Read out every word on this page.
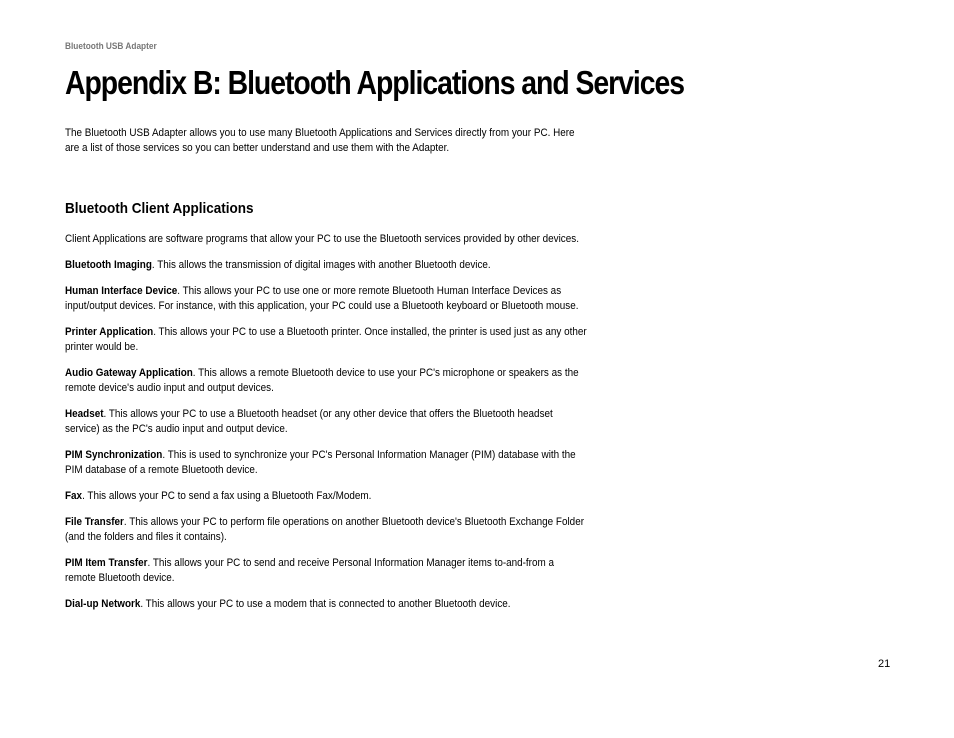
Bluetooth USB Adapter
Appendix B: Bluetooth Applications and Services

The Bluetooth USB Adapter allows you to use many Bluetooth Applications and Services directly from your PC. Here are a list of those services so you can better understand and use them with the Adapter.

Bluetooth Client Applications

Client Applications are software programs that allow your PC to use the Bluetooth services provided by other devices.

Bluetooth Imaging. This allows the transmission of digital images with another Bluetooth device.

Human Interface Device. This allows your PC to use one or more remote Bluetooth Human Interface Devices as input/output devices. For instance, with this application, your PC could use a Bluetooth keyboard or Bluetooth mouse.

Printer Application. This allows your PC to use a Bluetooth printer. Once installed, the printer is used just as any other printer would be.

Audio Gateway Application. This allows a remote Bluetooth device to use your PC's microphone or speakers as the remote device's audio input and output devices.

Headset. This allows your PC to use a Bluetooth headset (or any other device that offers the Bluetooth headset service) as the PC's audio input and output device.

PIM Synchronization. This is used to synchronize your PC's Personal Information Manager (PIM) database with the PIM database of a remote Bluetooth device.

Fax. This allows your PC to send a fax using a Bluetooth Fax/Modem.

File Transfer. This allows your PC to perform file operations on another Bluetooth device's Bluetooth Exchange Folder (and the folders and files it contains).

PIM Item Transfer. This allows your PC to send and receive Personal Information Manager items to-and-from a remote Bluetooth device.

Dial-up Network. This allows your PC to use a modem that is connected to another Bluetooth device.

21
